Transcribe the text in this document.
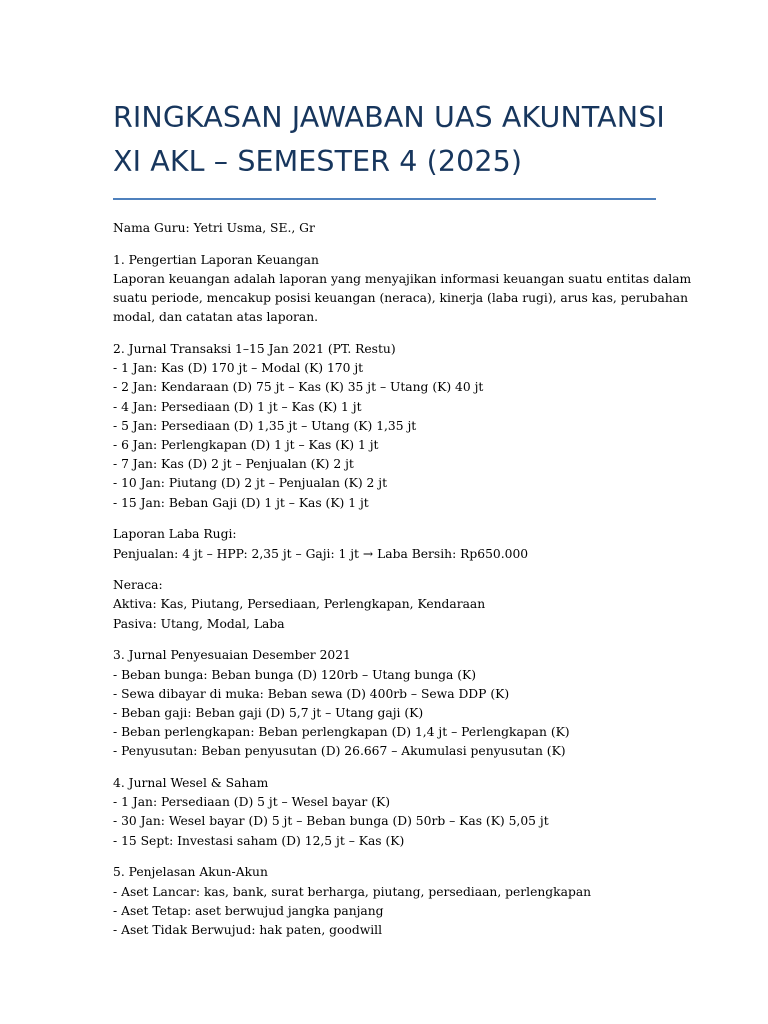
RINGKASAN JAWABAN UAS AKUNTANSI
XI AKL – SEMESTER 4 (2025)

Nama Guru: Yetri Usma, SE., Gr

1. Pengertian Laporan Keuangan
Laporan keuangan adalah laporan yang menyajikan informasi keuangan suatu entitas dalam
suatu periode, mencakup posisi keuangan (neraca), kinerja (laba rugi), arus kas, perubahan
modal, dan catatan atas laporan.
2. Jurnal Transaksi 1–15 Jan 2021 (PT. Restu)
- 1 Jan: Kas (D) 170 jt – Modal (K) 170 jt
- 2 Jan: Kendaraan (D) 75 jt – Kas (K) 35 jt – Utang (K) 40 jt
- 4 Jan: Persediaan (D) 1 jt – Kas (K) 1 jt
- 5 Jan: Persediaan (D) 1,35 jt – Utang (K) 1,35 jt
- 6 Jan: Perlengkapan (D) 1 jt – Kas (K) 1 jt
- 7 Jan: Kas (D) 2 jt – Penjualan (K) 2 jt
- 10 Jan: Piutang (D) 2 jt – Penjualan (K) 2 jt
- 15 Jan: Beban Gaji (D) 1 jt – Kas (K) 1 jt
Laporan Laba Rugi:
Penjualan: 4 jt – HPP: 2,35 jt – Gaji: 1 jt → Laba Bersih: Rp650.000
Neraca:
Aktiva: Kas, Piutang, Persediaan, Perlengkapan, Kendaraan
Pasiva: Utang, Modal, Laba
3. Jurnal Penyesuaian Desember 2021
- Beban bunga: Beban bunga (D) 120rb – Utang bunga (K)
- Sewa dibayar di muka: Beban sewa (D) 400rb – Sewa DDP (K)
- Beban gaji: Beban gaji (D) 5,7 jt – Utang gaji (K)
- Beban perlengkapan: Beban perlengkapan (D) 1,4 jt – Perlengkapan (K)
- Penyusutan: Beban penyusutan (D) 26.667 – Akumulasi penyusutan (K)
4. Jurnal Wesel & Saham
- 1 Jan: Persediaan (D) 5 jt – Wesel bayar (K)
- 30 Jan: Wesel bayar (D) 5 jt – Beban bunga (D) 50rb – Kas (K) 5,05 jt
- 15 Sept: Investasi saham (D) 12,5 jt – Kas (K)
5. Penjelasan Akun-Akun
- Aset Lancar: kas, bank, surat berharga, piutang, persediaan, perlengkapan
- Aset Tetap: aset berwujud jangka panjang
- Aset Tidak Berwujud: hak paten, goodwill
